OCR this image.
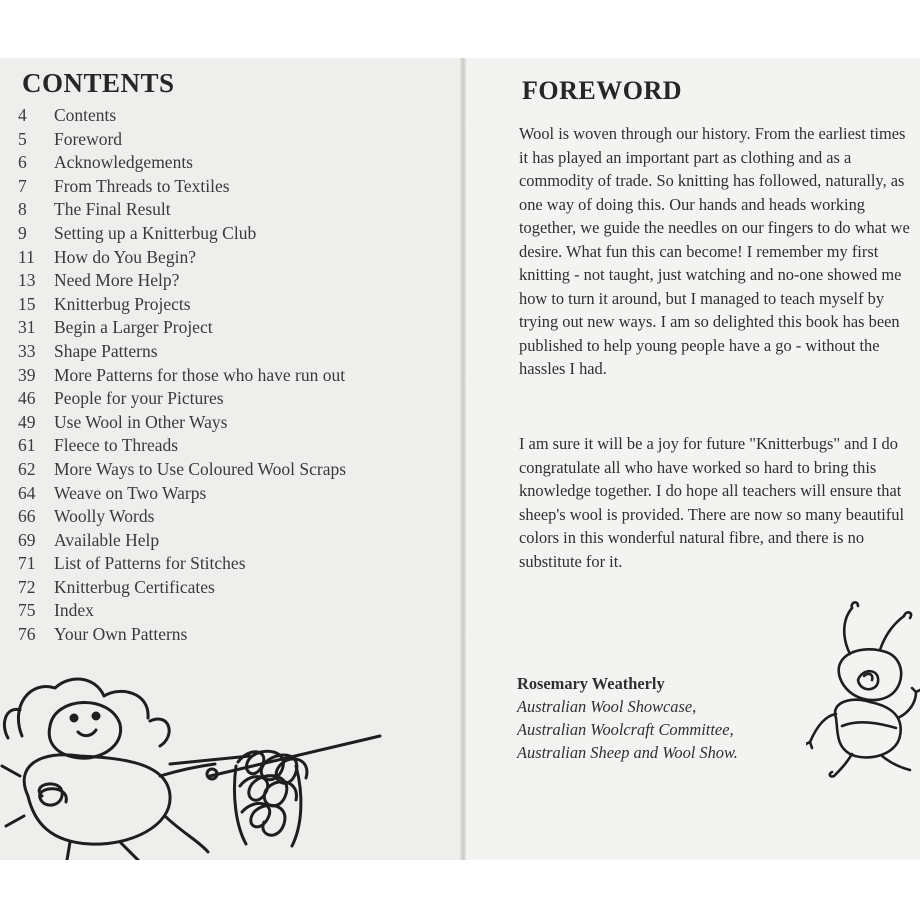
CONTENTS
4 Contents
5 Foreword
6 Acknowledgements
7 From Threads to Textiles
8 The Final Result
9 Setting up a Knitterbug Club
11 How do You Begin?
13 Need More Help?
15 Knitterbug Projects
31 Begin a Larger Project
33 Shape Patterns
39 More Patterns for those who have run out
46 People for your Pictures
49 Use Wool in Other Ways
61 Fleece to Threads
62 More Ways to Use Coloured Wool Scraps
64 Weave on Two Warps
66 Woolly Words
69 Available Help
71 List of Patterns for Stitches
72 Knitterbug Certificates
75 Index
76 Your Own Patterns
FOREWORD

Wool is woven through our history. From the earliest times it has played an important part as clothing and as a commodity of trade. So knitting has followed, naturally, as one way of doing this. Our hands and heads working together, we guide the needles on our fingers to do what we desire. What fun this can become! I remember my first knitting - not taught, just watching and no-one showed me how to turn it around, but I managed to teach myself by trying out new ways. I am so delighted this book has been published to help young people have a go - without the hassles I had.

I am sure it will be a joy for future "Knitterbugs" and I do congratulate all who have worked so hard to bring this knowledge together. I do hope all teachers will ensure that sheep's wool is provided. There are now so many beautiful colors in this wonderful natural fibre, and there is no substitute for it.

Rosemary Weatherly
Australian Wool Showcase,
Australian Woolcraft Committee,
Australian Sheep and Wool Show.
